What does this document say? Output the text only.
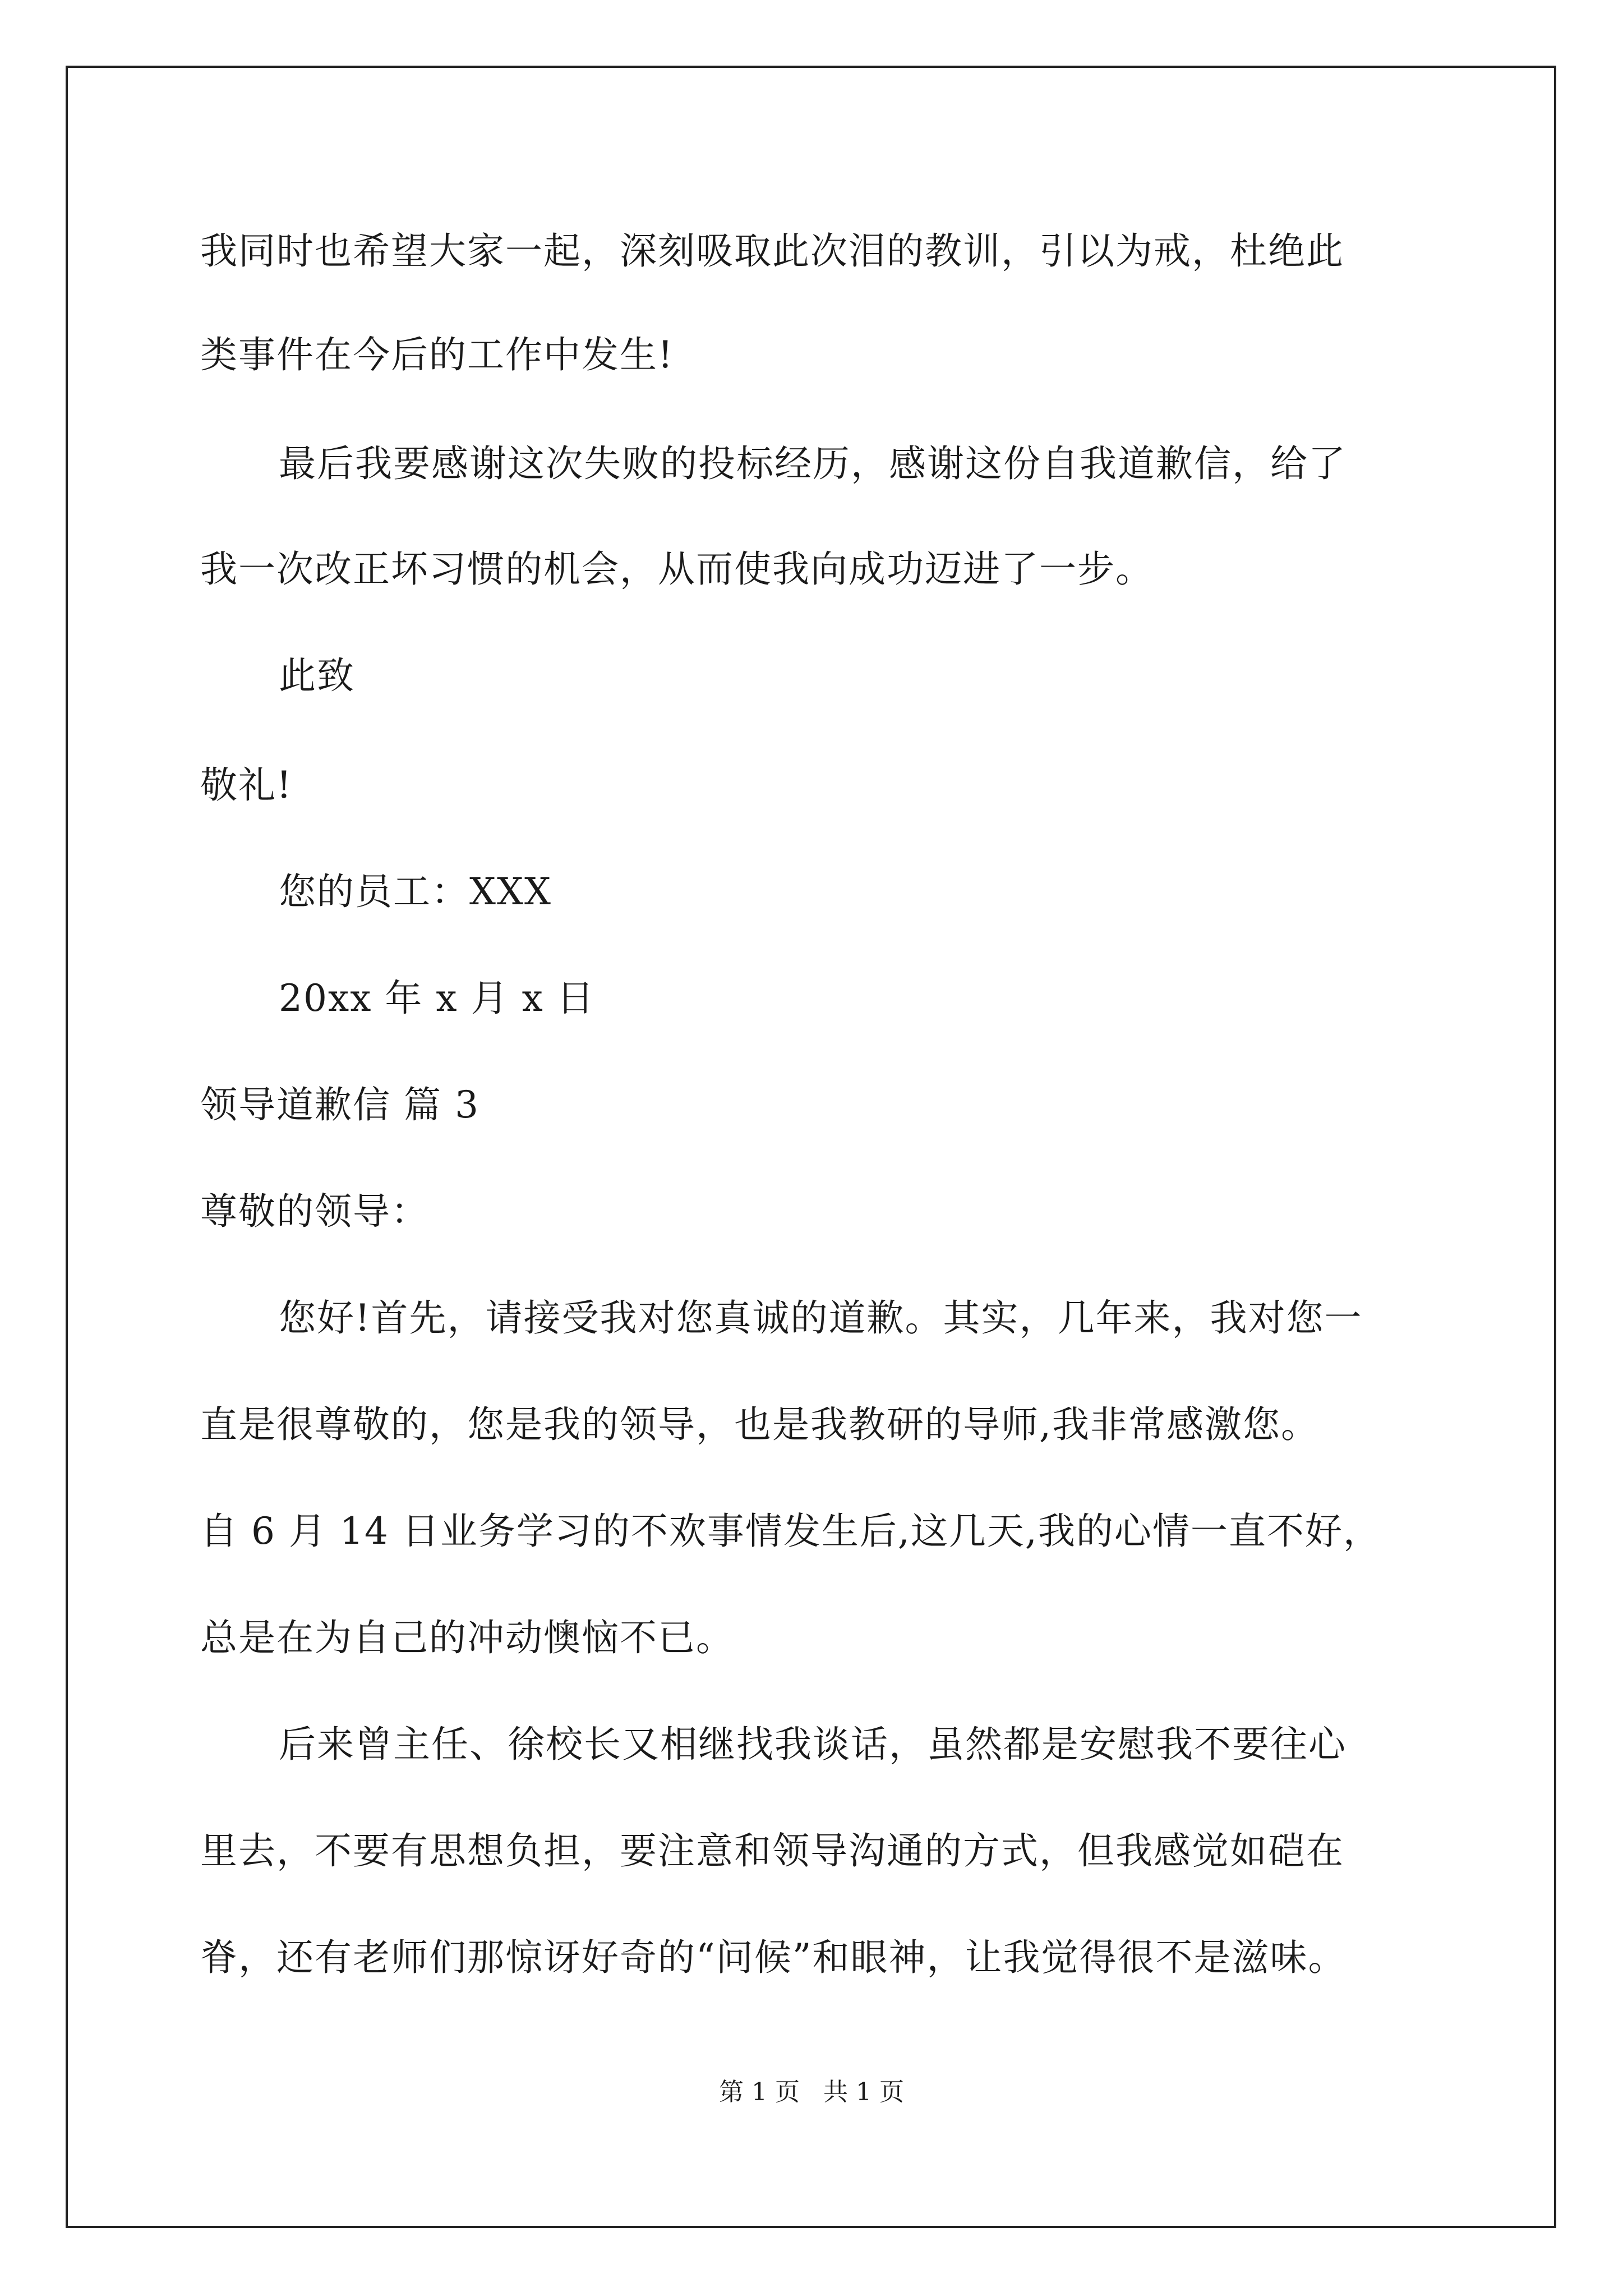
我同时也希望大家一起，深刻吸取此次泪的教训，引以为戒，杜绝此

类事件在今后的工作中发生!

最后我要感谢这次失败的投标经历，感谢这份自我道歉信，给了

我一次改正坏习惯的机会，从而使我向成功迈进了一步。

此致

敬礼!

您的员工：XXX

20xx 年 x 月 x 日

领导道歉信 篇 3

尊敬的领导：

您好!首先，请接受我对您真诚的道歉。其实，几年来，我对您一

直是很尊敬的，您是我的领导，也是我教研的导师,我非常感激您。

自 6 月 14 日业务学习的不欢事情发生后,这几天,我的心情一直不好，

总是在为自己的冲动懊恼不已。

后来曾主任、徐校长又相继找我谈话，虽然都是安慰我不要往心

里去，不要有思想负担，要注意和领导沟通的方式，但我感觉如硙在

脊，还有老师们那惊讶好奇的“问候”和眼神，让我觉得很不是滋味。

第 1 页   共 1 页
